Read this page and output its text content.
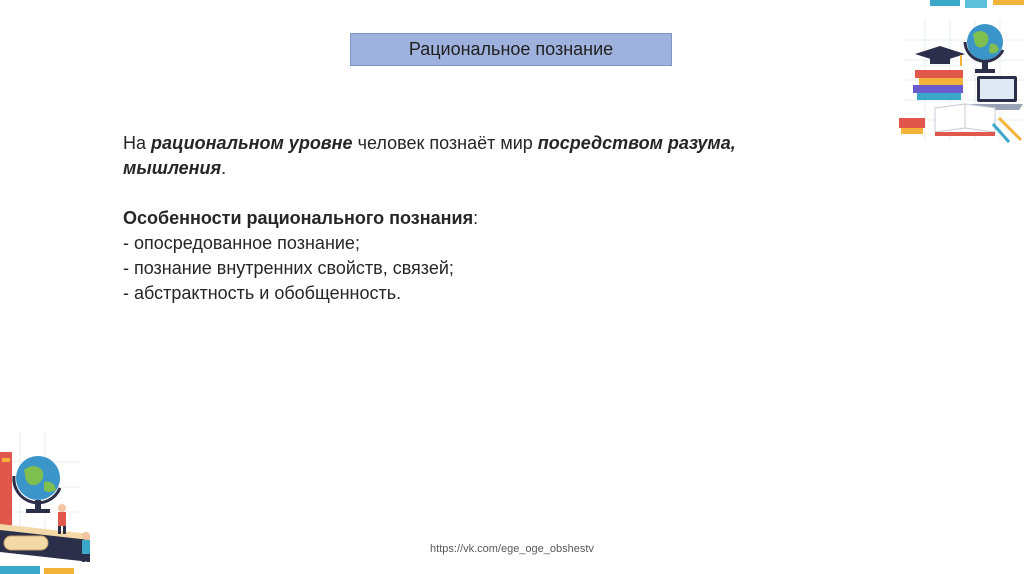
Рациональное познание

На рациональном уровне человек познаёт мир посредством разума, мышления.

Особенности рационального познания:

- опосредованное познание;

- познание внутренних свойств, связей;

- абстрактность и обобщенность.

https://vk.com/ege_oge_obshestv
